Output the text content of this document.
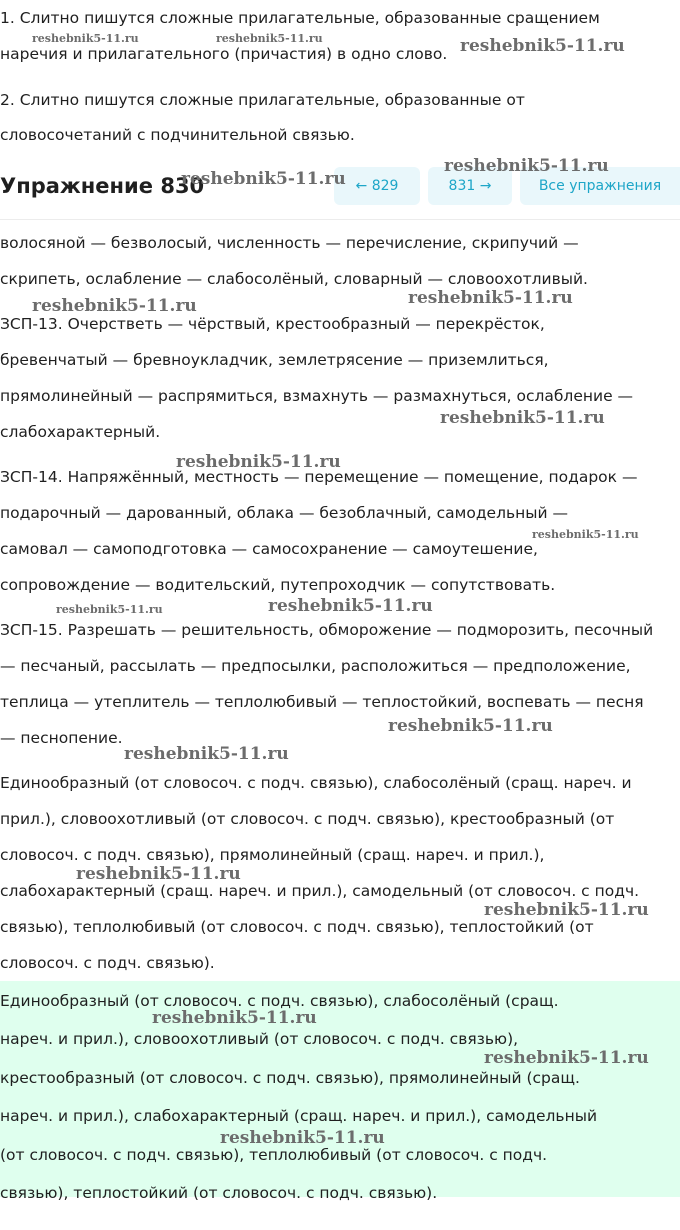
1. Слитно пишутся сложные прилагательные, образованные сращением

наречия и прилагательного (причастия) в одно слово.

2. Слитно пишутся сложные прилагательные, образованные от

словосочетаний с подчинительной связью.

Упражнение 830	← 829	831 →	Все упражнения

волосяной — безволосый, численность — перечисление, скрипучий —

скрипеть, ослабление — слабосолёный, словарный — словоохотливый.

ЗСП-13. Очерстветь — чёрствый, крестообразный — перекрёсток,

бревенчатый — бревноукладчик, землетрясение — приземлиться,

прямолинейный — распрямиться, взмахнуть — размахнуться, ослабление —

слабохарактерный.

ЗСП-14. Напряжённый, местность — перемещение — помещение, подарок —

подарочный — дарованный, облака — безоблачный, самодельный —

самовал — самоподготовка — самосохранение — самоутешение,

сопровождение — водительский, путепроходчик — сопутствовать.

ЗСП-15. Разрешать — решительность, обморожение — подморозить, песочный

— песчаный, рассылать — предпосылки, расположиться — предположение,

теплица — утеплитель — теплолюбивый — теплостойкий, воспевать — песня

— песнопение.

Единообразный (от словосоч. с подч. связью), слабосолёный (сращ. нареч. и

прил.), словоохотливый (от словосоч. с подч. связью), крестообразный (от

словосоч. с подч. связью), прямолинейный (сращ. нареч. и прил.),

слабохарактерный (сращ. нареч. и прил.), самодельный (от словосоч. с подч.

связью), теплолюбивый (от словосоч. с подч. связью), теплостойкий (от

словосоч. с подч. связью).

Единообразный (от словосоч. с подч. связью), слабосолёный (сращ.

нареч. и прил.), словоохотливый (от словосоч. с подч. связью),

крестообразный (от словосоч. с подч. связью), прямолинейный (сращ.

нареч. и прил.), слабохарактерный (сращ. нареч. и прил.), самодельный

(от словосоч. с подч. связью), теплолюбивый (от словосоч. с подч.

связью), теплостойкий (от словосоч. с подч. связью).

reshebnik5-11.ru	reshebnik5-11.ru	reshebnik5-11.ru
reshebnik5-11.ru
reshebnik5-11.ru
reshebnik5-11.ru	reshebnik5-11.ru
reshebnik5-11.ru
reshebnik5-11.ru
reshebnik5-11.ru
reshebnik5-11.ru	reshebnik5-11.ru
reshebnik5-11.ru
reshebnik5-11.ru
reshebnik5-11.ru
reshebnik5-11.ru
reshebnik5-11.ru
reshebnik5-11.ru
reshebnik5-11.ru
